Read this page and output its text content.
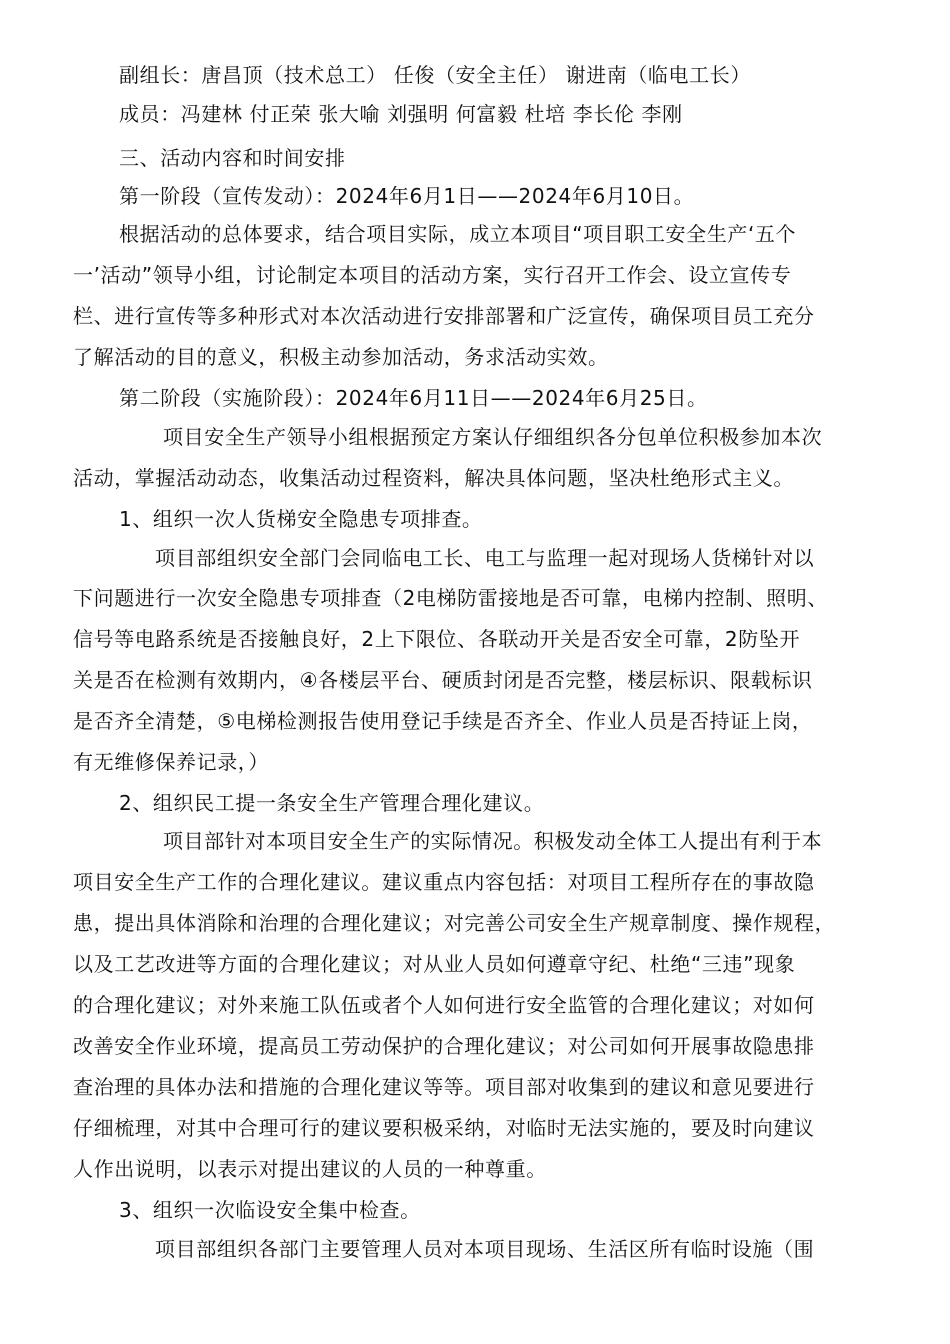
副组长：唐昌顶（技术总工） 任俊（安全主任） 谢进南（临电工长）
成员：冯建林 付正荣 张大喻 刘强明 何富毅 杜培 李长伦 李刚
三、活动内容和时间安排
第一阶段（宣传发动）：2024年6月1日——2024年6月10日。
根据活动的总体要求，结合项目实际，成立本项目“项目职工安全生产‘五个
一’活动”领导小组，讨论制定本项目的活动方案，实行召开工作会、设立宣传专
栏、进行宣传等多种形式对本次活动进行安排部署和广泛宣传，确保项目员工充分
了解活动的目的意义，积极主动参加活动，务求活动实效。
第二阶段（实施阶段）：2024年6月11日——2024年6月25日。
项目安全生产领导小组根据预定方案认仔细组织各分包单位积极参加本次
活动，掌握活动动态，收集活动过程资料，解决具体问题，坚决杜绝形式主义。
1、组织一次人货梯安全隐患专项排查。
项目部组织安全部门会同临电工长、电工与监理一起对现场人货梯针对以
下问题进行一次安全隐患专项排查（2电梯防雷接地是否可靠，电梯内控制、照明、
信号等电路系统是否接触良好，2上下限位、各联动开关是否安全可靠，2防坠开
关是否在检测有效期内，④各楼层平台、硬质封闭是否完整，楼层标识、限载标识
是否齐全清楚，⑤电梯检测报告使用登记手续是否齐全、作业人员是否持证上岗，
有无维修保养记录，）
2、组织民工提一条安全生产管理合理化建议。
项目部针对本项目安全生产的实际情况。积极发动全体工人提出有利于本
项目安全生产工作的合理化建议。建议重点内容包括：对项目工程所存在的事故隐
患，提出具体消除和治理的合理化建议；对完善公司安全生产规章制度、操作规程，
以及工艺改进等方面的合理化建议；对从业人员如何遵章守纪、杜绝“三违”现象
的合理化建议；对外来施工队伍或者个人如何进行安全监管的合理化建议；对如何
改善安全作业环境，提高员工劳动保护的合理化建议；对公司如何开展事故隐患排
查治理的具体办法和措施的合理化建议等等。项目部对收集到的建议和意见要进行
仔细梳理，对其中合理可行的建议要积极采纳，对临时无法实施的，要及时向建议
人作出说明，以表示对提出建议的人员的一种尊重。
3、组织一次临设安全集中检查。
项目部组织各部门主要管理人员对本项目现场、生活区所有临时设施（围
